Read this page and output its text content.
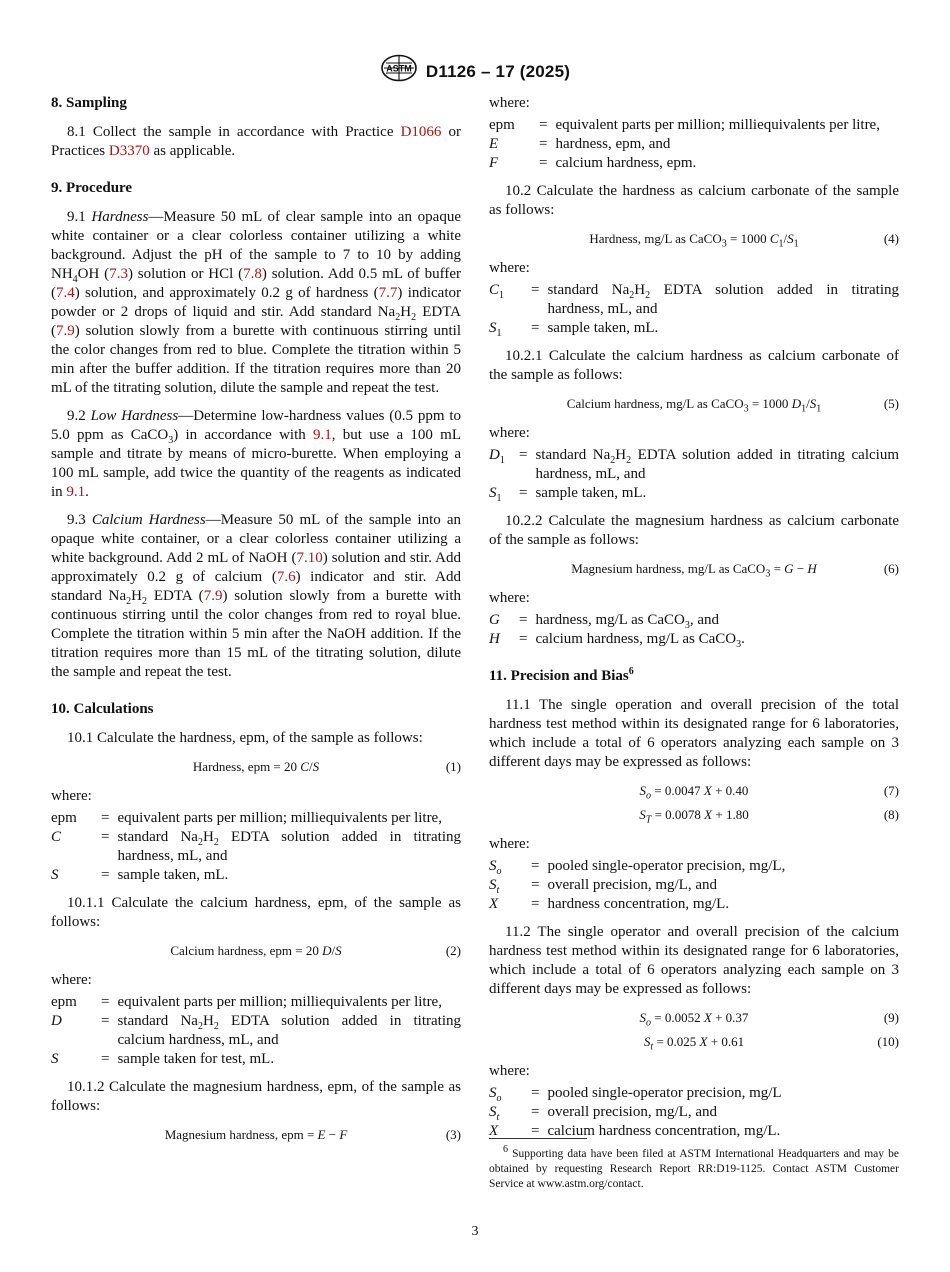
ASTM D1126 – 17 (2025)
8. Sampling

8.1 Collect the sample in accordance with Practice D1066 or Practices D3370 as applicable.

9. Procedure

9.1 Hardness—Measure 50 mL of clear sample into an opaque white container or a clear colorless container utilizing a white background. Adjust the pH of the sample to 7 to 10 by adding $NH_4OH$ (7.3) solution or HCl (7.8) solution. Add 0.5 mL of buffer (7.4) solution, and approximately 0.2 g of hardness (7.7) indicator powder or 2 drops of liquid and stir. Add standard $Na_2H_2$ EDTA (7.9) solution slowly from a burette with continuous stirring until the color changes from red to blue. Complete the titration within 5 min after the buffer addition. If the titration requires more than 20 mL of the titrating solution, dilute the sample and repeat the test.

9.2 Low Hardness—Determine low-hardness values (0.5 ppm to 5.0 ppm as CaCO$_3$) in accordance with 9.1, but use a 100 mL sample and titrate by means of micro-burette. When employing a 100 mL sample, add twice the quantity of the reagents as indicated in 9.1.

9.3 Calcium Hardness—Measure 50 mL of the sample into an opaque white container, or a clear colorless container utilizing a white background. Add 2 mL of NaOH (7.10) solution and stir. Add approximately 0.2 g of calcium (7.6) indicator and stir. Add standard $Na_2H_2$ EDTA (7.9) solution slowly from a burette with continuous stirring until the color changes from red to royal blue. Complete the titration within 5 min after the NaOH addition. If the titration requires more than 15 mL of the titrating solution, dilute the sample and repeat the test.

10. Calculations

10.1 Calculate the hardness, epm, of the sample as follows:

Hardness, epm = 20 C/S	(1)
where:
epm	= equivalent parts per million; milliequivalents per litre,
C	= standard $Na_2H_2$ EDTA solution added in titrating hardness, mL, and
S	= sample taken, mL.

10.1.1 Calculate the calcium hardness, epm, of the sample as follows:

Calcium hardness, epm = 20 D/S	(2)
where:
epm	= equivalent parts per million; milliequivalents per litre,
D	= standard $Na_2H_2$ EDTA solution added in titrating calcium hardness, mL, and
S	= sample taken for test, mL.

10.1.2 Calculate the magnesium hardness, epm, of the sample as follows:

Magnesium hardness, epm = E − F	(3)
where:
epm	= equivalent parts per million; milliequivalents per litre,
E	= hardness, epm, and
F	= calcium hardness, epm.

10.2 Calculate the hardness as calcium carbonate of the sample as follows:

Hardness, mg/L as CaCO$_3$ = 1000 $C_1/S_1$	(4)
where:
$C_1$	= standard $Na_2H_2$ EDTA solution added in titrating hardness, mL, and
$S_1$	= sample taken, mL.

10.2.1 Calculate the calcium hardness as calcium carbonate of the sample as follows:

Calcium hardness, mg/L as CaCO$_3$ = 1000 $D_1/S_1$	(5)
where:
$D_1$ = standard $Na_2H_2$ EDTA solution added in titrating calcium hardness, mL, and
$S_1$	= sample taken, mL.

10.2.2 Calculate the magnesium hardness as calcium carbonate of the sample as follows:

Magnesium hardness, mg/L as CaCO$_3$ = G − H	(6)
where:
G	= hardness, mg/L as CaCO$_3$, and
H	= calcium hardness, mg/L as CaCO$_3$.
11. Precision and Bias$^6$

11.1 The single operation and overall precision of the total hardness test method within its designated range for 6 laboratories, which include a total of 6 operators analyzing each sample on 3 different days may be expressed as follows:

$S_o = 0.0047$ X + 0.40	(7)
$S_T = 0.0078$ X + 1.80	(8)
where:
$S_o$	= pooled single-operator precision, mg/L,
$S_t$	= overall precision, mg/L, and
X	= hardness concentration, mg/L.

11.2 The single operator and overall precision of the calcium hardness test method within its designated range for 6 laboratories, which include a total of 6 operators analyzing each sample on 3 different days may be expressed as follows:

$S_o = 0.0052$ X + 0.37	(9)
$S_t = 0.025$ X + 0.61	(10)
where:
$S_o$	= pooled single-operator precision, mg/L
$S_t$	= overall precision, mg/L, and
X	= calcium hardness concentration, mg/L.
$^6$ Supporting data have been filed at ASTM International Headquarters and may be obtained by requesting Research Report RR:D19-1125. Contact ASTM Customer Service at www.astm.org/contact.
3
